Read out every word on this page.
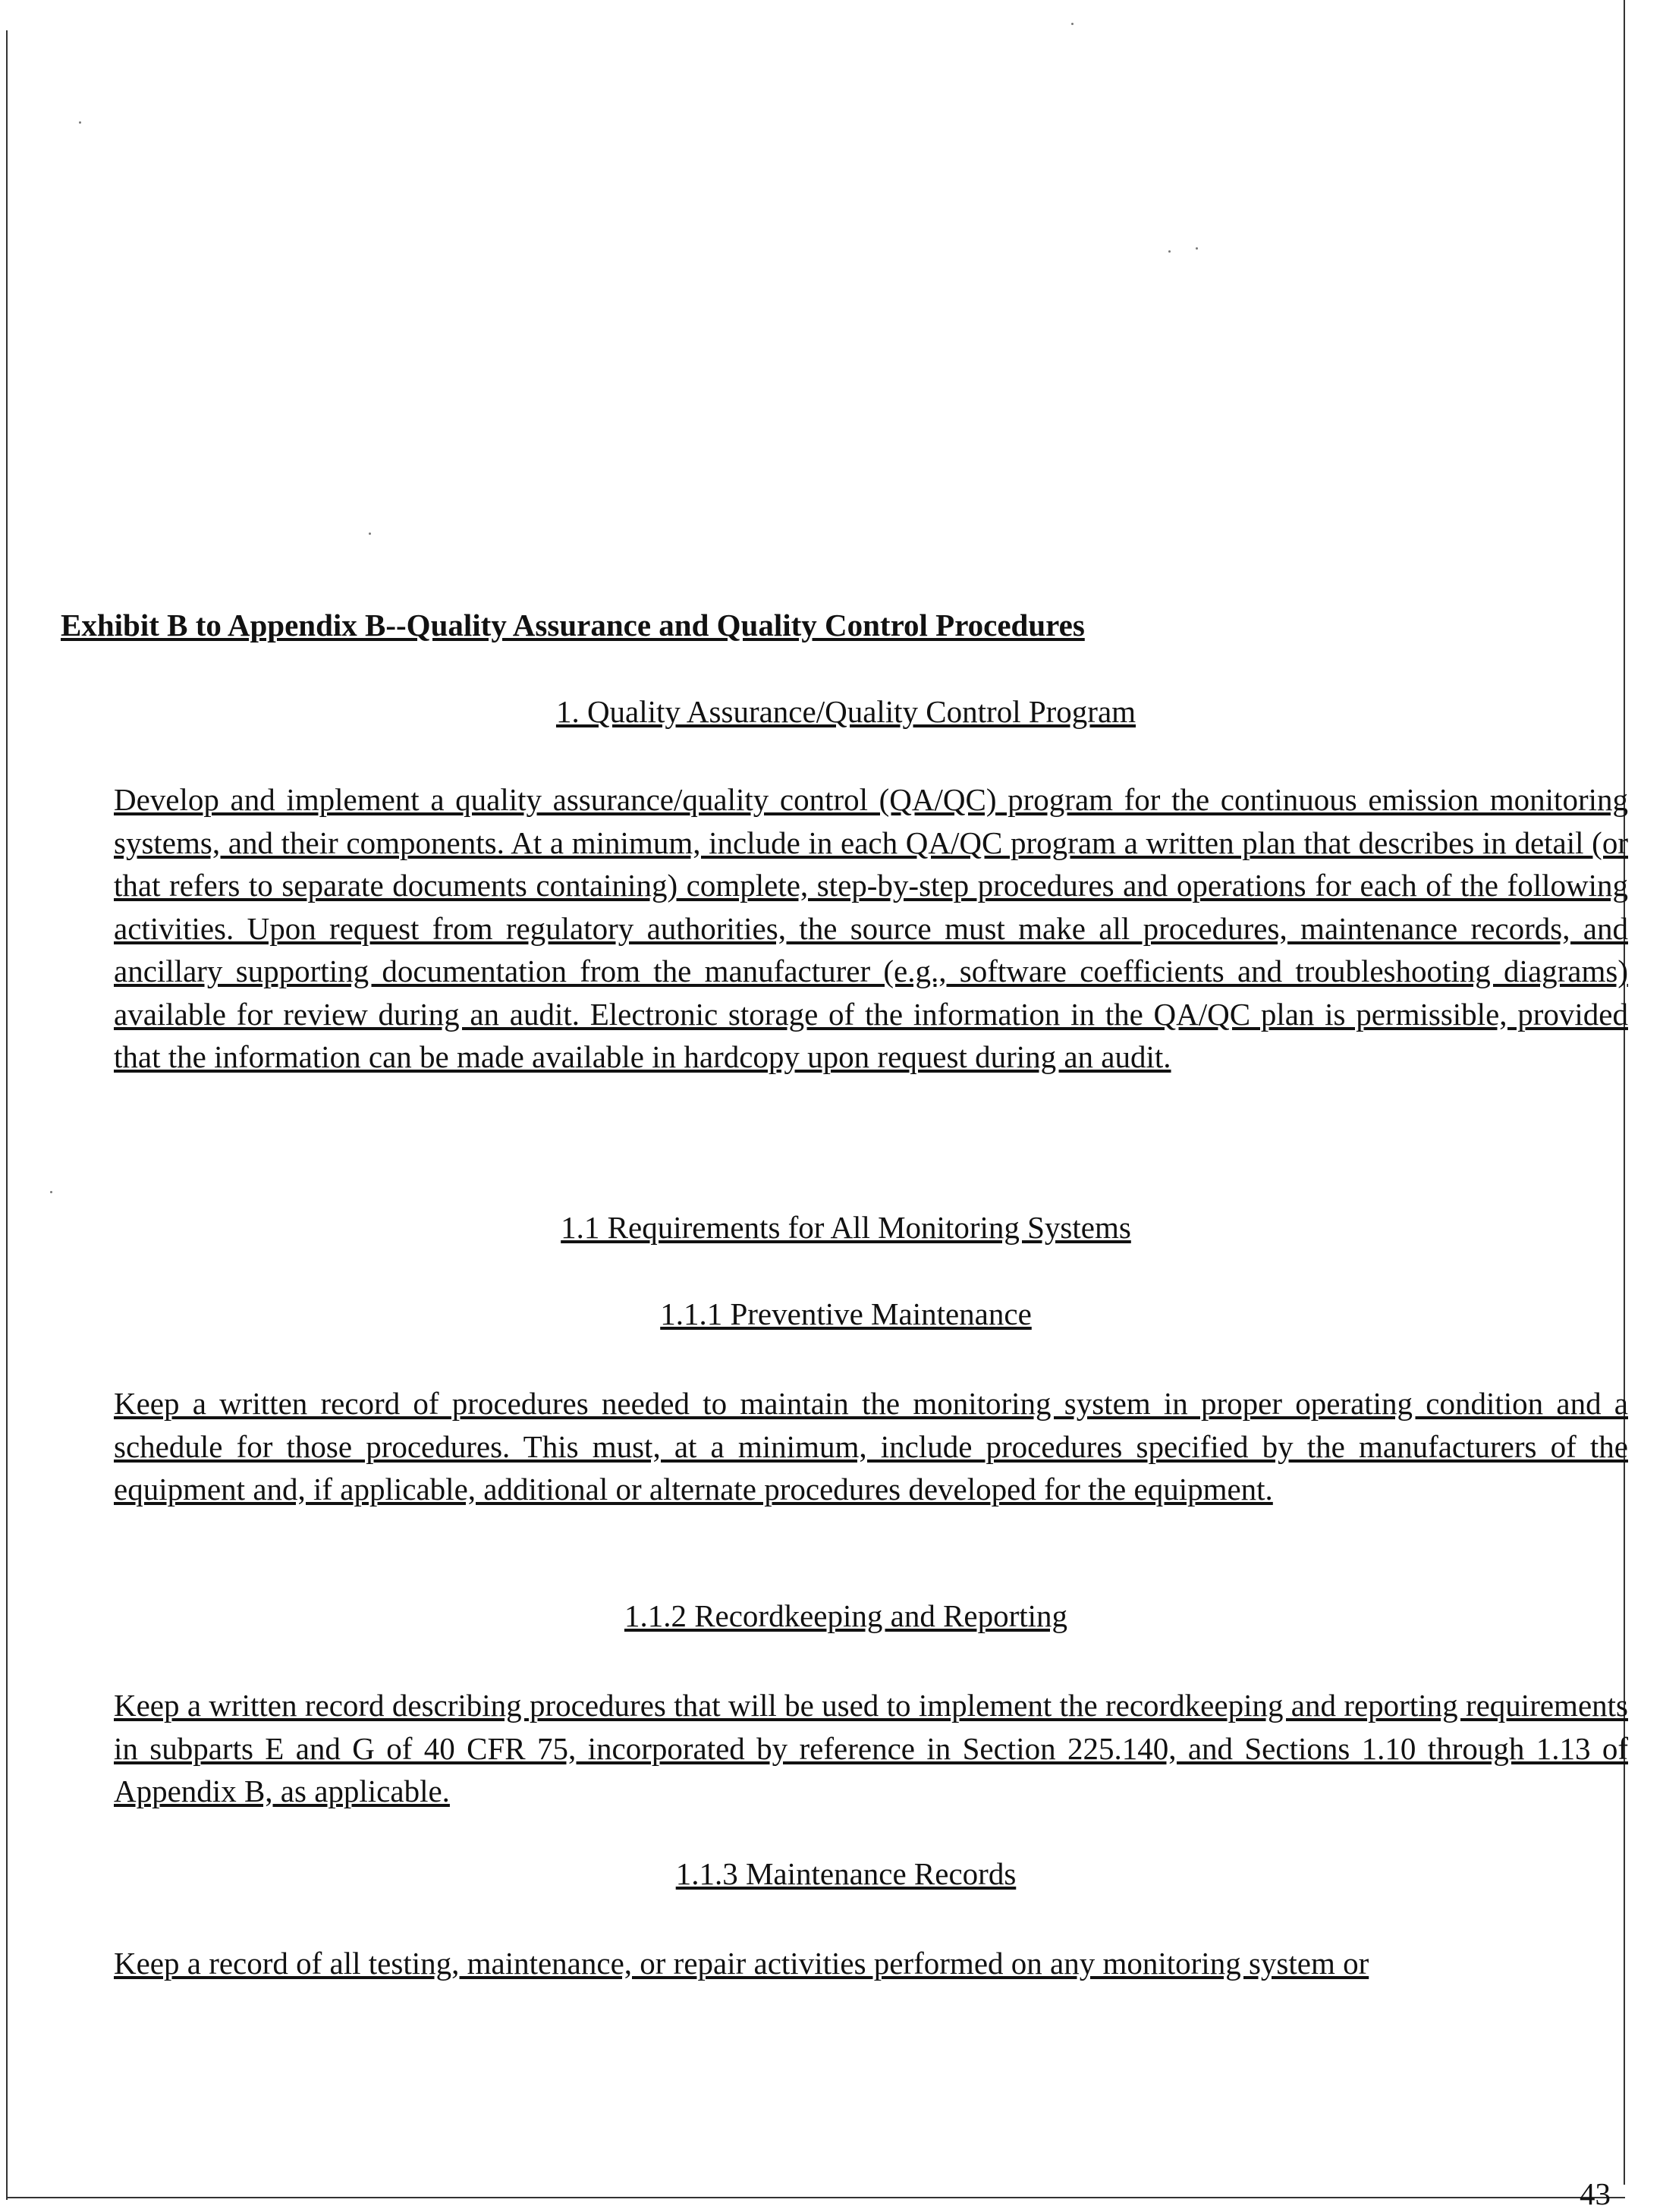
Exhibit B to Appendix B--Quality Assurance and Quality Control Procedures
1. Quality Assurance/Quality Control Program

Develop and implement a quality assurance/quality control (QA/QC) program for the continuous emission monitoring systems, and their components. At a minimum, include in each QA/QC program a written plan that describes in detail (or that refers to separate documents containing) complete, step-by-step procedures and operations for each of the following activities. Upon request from regulatory authorities, the source must make all procedures, maintenance records, and ancillary supporting documentation from the manufacturer (e.g., software coefficients and troubleshooting diagrams) available for review during an audit. Electronic storage of the information in the QA/QC plan is permissible, provided that the information can be made available in hardcopy upon request during an audit.

1.1 Requirements for All Monitoring Systems
1.1.1 Preventive Maintenance

Keep a written record of procedures needed to maintain the monitoring system in proper operating condition and a schedule for those procedures. This must, at a minimum, include procedures specified by the manufacturers of the equipment and, if applicable, additional or alternate procedures developed for the equipment.

1.1.2 Recordkeeping and Reporting

Keep a written record describing procedures that will be used to implement the recordkeeping and reporting requirements in subparts E and G of 40 CFR 75, incorporated by reference in Section 225.140, and Sections 1.10 through 1.13 of Appendix B, as applicable.

1.1.3 Maintenance Records

Keep a record of all testing, maintenance, or repair activities performed on any monitoring system or

43
